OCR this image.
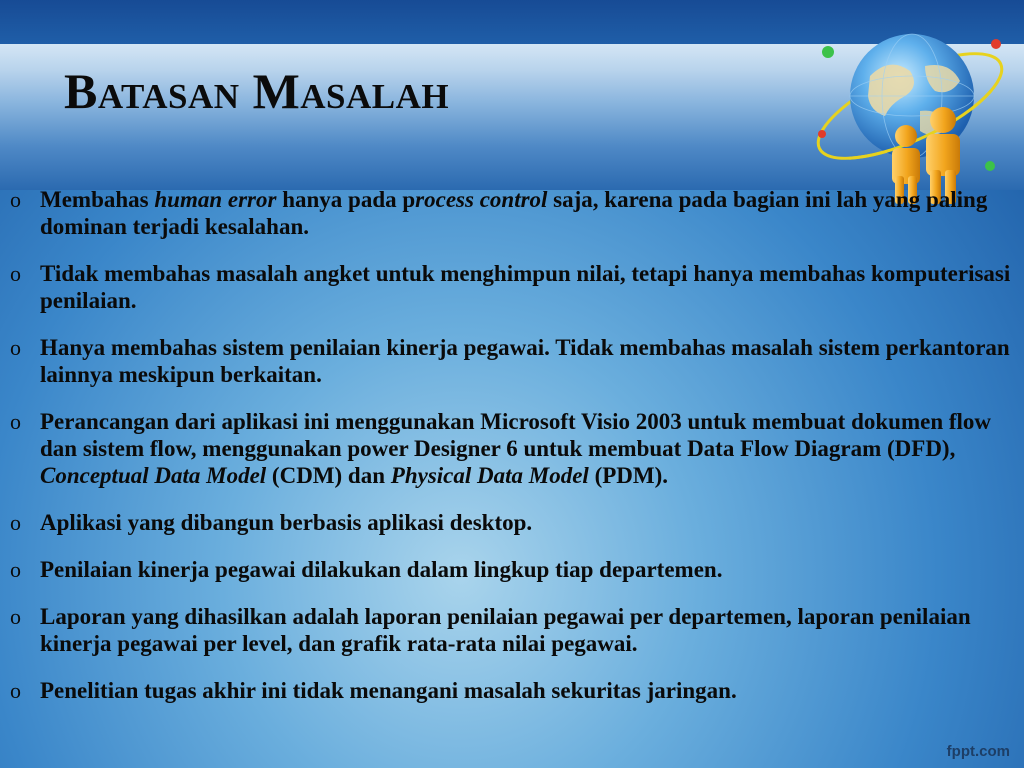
Batasan Masalah
o Membahas human error hanya pada process control saja, karena pada bagian ini lah yang paling dominan terjadi kesalahan.
o Tidak membahas masalah angket untuk menghimpun nilai, tetapi hanya membahas komputerisasi penilaian.
o Hanya membahas sistem penilaian kinerja pegawai. Tidak membahas masalah sistem perkantoran lainnya meskipun berkaitan.
o Perancangan dari aplikasi ini menggunakan Microsoft Visio 2003 untuk membuat dokumen flow dan sistem flow, menggunakan power Designer 6 untuk membuat Data Flow Diagram (DFD), Conceptual Data Model (CDM) dan Physical Data Model (PDM).
o Aplikasi yang dibangun berbasis aplikasi desktop.
o Penilaian kinerja pegawai dilakukan dalam lingkup tiap departemen.
o Laporan yang dihasilkan adalah laporan penilaian pegawai per departemen, laporan penilaian kinerja pegawai per level, dan grafik rata-rata nilai pegawai.
o Penelitian tugas akhir ini tidak menangani masalah sekuritas jaringan.
fppt.com
